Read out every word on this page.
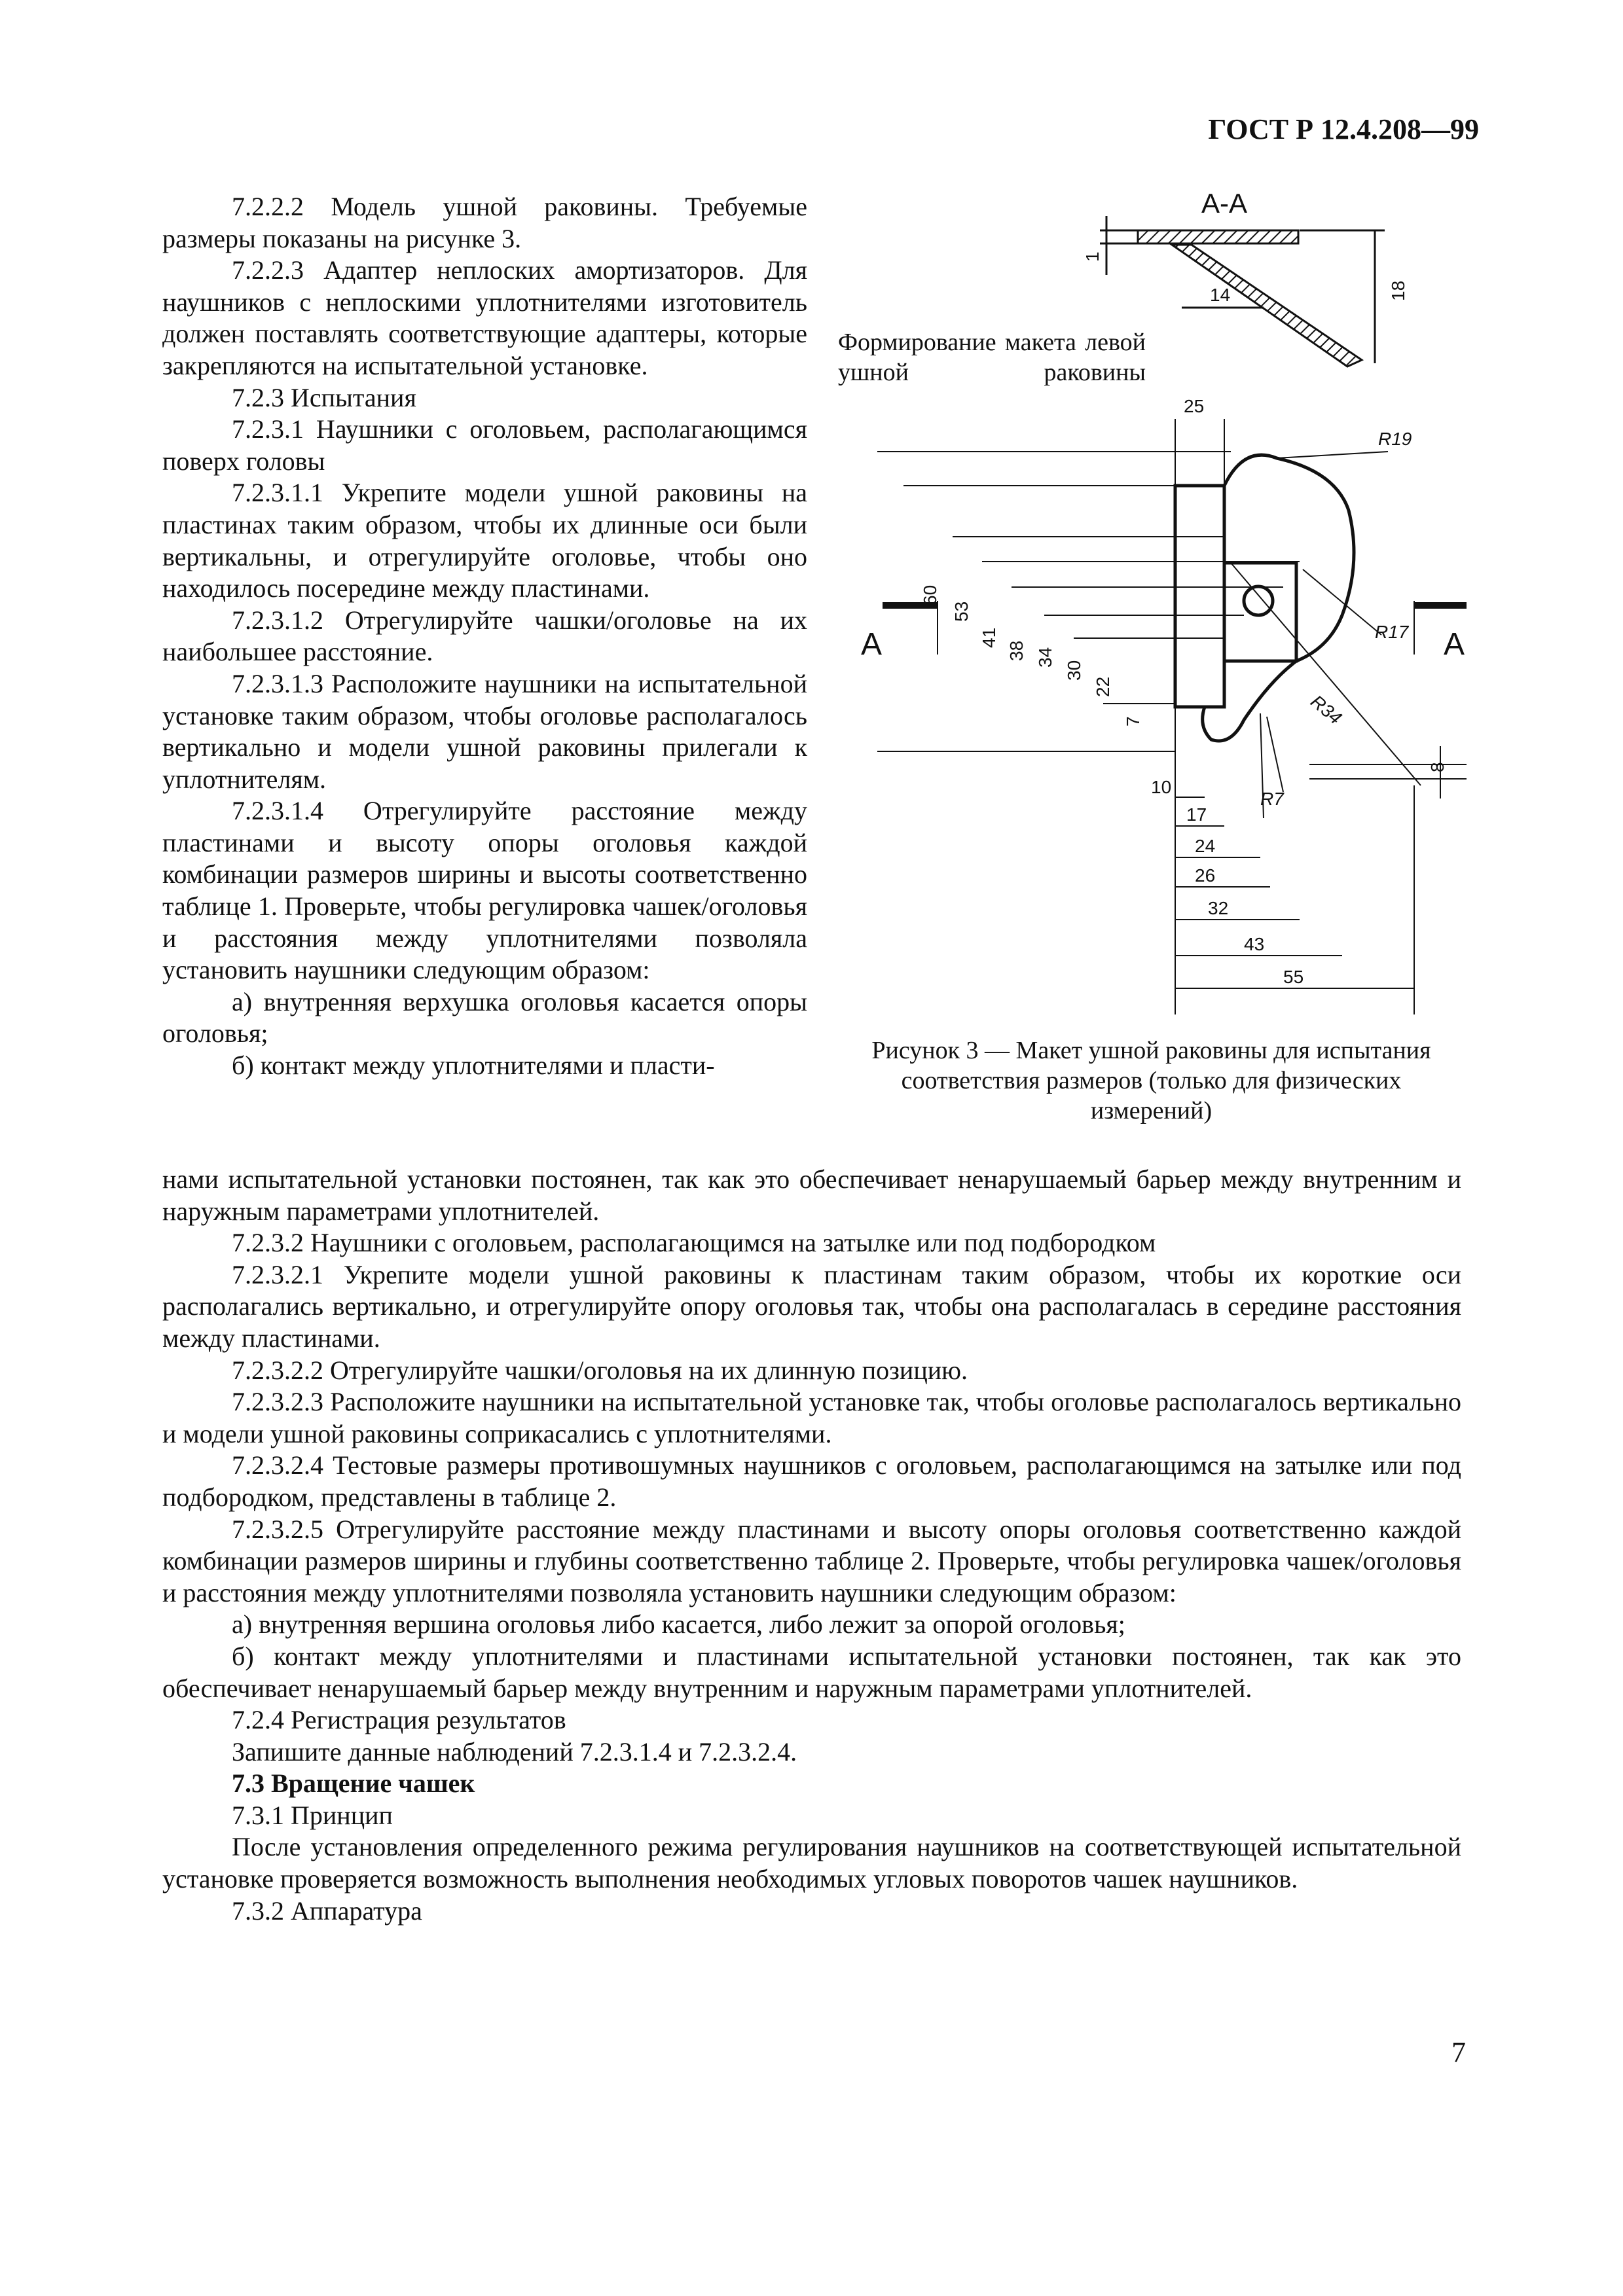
ГОСТ Р 12.4.208—99

7.2.2.2 Модель ушной раковины. Требуемые размеры показаны на рисунке 3.

7.2.2.3 Адаптер неплоских амортизаторов. Для наушников с неплоскими уплотнителями изготовитель должен поставлять соответствующие адаптеры, которые закрепляются на испытательной установке.

7.2.3 Испытания

7.2.3.1 Наушники с оголовьем, располагающимся поверх головы

7.2.3.1.1 Укрепите модели ушной раковины на пластинах таким образом, чтобы их длинные оси были вертикальны, и отрегулируйте оголовье, чтобы оно находилось посередине между пластинами.

7.2.3.1.2 Отрегулируйте чашки/оголовье на их наибольшее расстояние.

7.2.3.1.3 Расположите наушники на испытательной установке таким образом, чтобы оголовье располагалось вертикально и модели ушной раковины прилегали к уплотнителям.

7.2.3.1.4 Отрегулируйте расстояние между пластинами и высоту опоры оголовья каждой комбинации размеров ширины и высоты соответственно таблице 1. Проверьте, чтобы регулировка чашек/оголовья и расстояния между уплотнителями позволяла установить наушники следующим образом:

а) внутренняя верхушка оголовья касается опоры оголовья;

б) контакт между уплотнителями и пласти-

нами испытательной установки постоянен, так как это обеспечивает ненарушаемый барьер между внутренним и наружным параметрами уплотнителей.

7.2.3.2 Наушники с оголовьем, располагающимся на затылке или под подбородком

7.2.3.2.1 Укрепите модели ушной раковины к пластинам таким образом, чтобы их короткие оси располагались вертикально, и отрегулируйте опору оголовья так, чтобы она располагалась в середине расстояния между пластинами.

7.2.3.2.2 Отрегулируйте чашки/оголовья на их длинную позицию.

7.2.3.2.3 Расположите наушники на испытательной установке так, чтобы оголовье располагалось вертикально и модели ушной раковины соприкасались с уплотнителями.

7.2.3.2.4 Тестовые размеры противошумных наушников с оголовьем, располагающимся на затылке или под подбородком, представлены в таблице 2.

7.2.3.2.5 Отрегулируйте расстояние между пластинами и высоту опоры оголовья соответственно каждой комбинации размеров ширины и глубины соответственно таблице 2. Проверьте, чтобы регулировка чашек/оголовья и расстояния между уплотнителями позволяла установить наушники следующим образом:

а) внутренняя вершина оголовья либо касается, либо лежит за опорой оголовья;

б) контакт между уплотнителями и пластинами испытательной установки постоянен, так как это обеспечивает ненарушаемый барьер между внутренним и наружным параметрами уплотнителей.

7.2.4 Регистрация результатов

Запишите данные наблюдений 7.2.3.1.4 и 7.2.3.2.4.

7.3 Вращение чашек

7.3.1 Принцип

После установления определенного режима регулирования наушников на соответствующей испытательной установке проверяется возможность выполнения необходимых угловых поворотов чашек наушников.

7.3.2 Аппаратура

А-А
1
14	18
Формирование макета левой ушной раковины
25
R19
R17
R34
R7
А	А
60
53
41
38 34
30
22
7
8
10
17
24
26
32
43
55
Рисунок 3 — Макет ушной раковины для испытания соответствия размеров (только для физических измерений)
7
